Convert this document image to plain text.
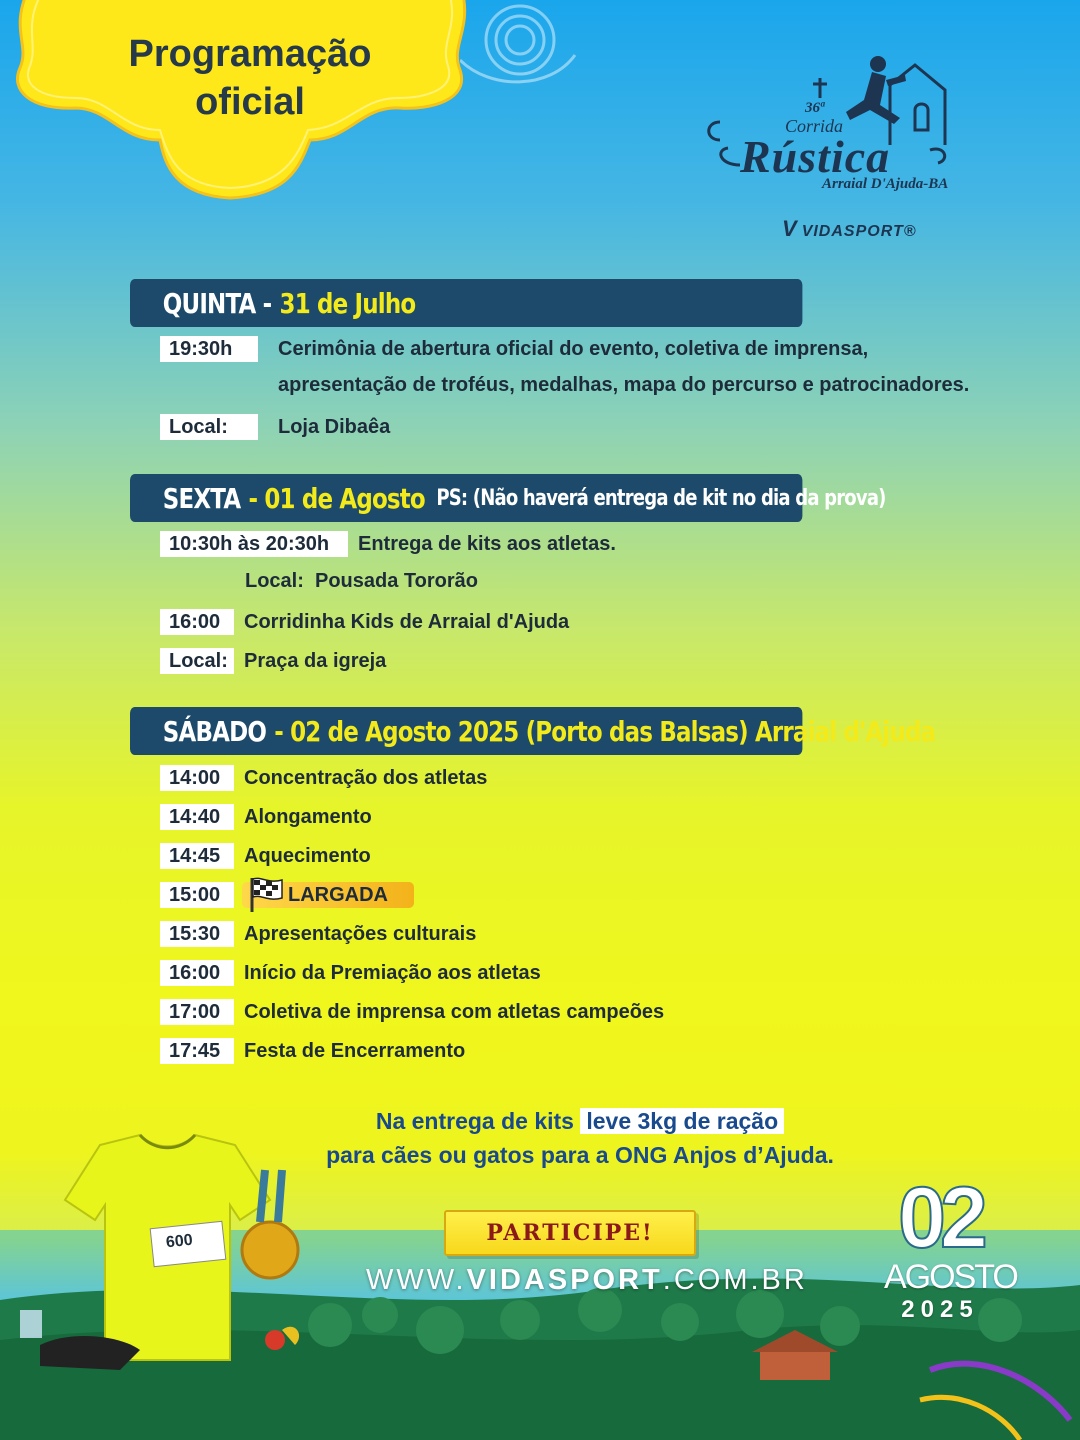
Programação
oficial	36ª
Corrida
Rústica
Arraial D'Ajuda-BA
V VIDASPORT®
QUINTA - 31 de Julho
19:30h	Cerimônia de abertura oficial do evento, coletiva de imprensa,
apresentação de troféus, medalhas, mapa do percurso e patrocinadores.
Local:	Loja Dibaêa
SEXTA - 01 de Agosto PS: (Não haverá entrega de kit no dia da prova)
10:30h às 20:30h	Entrega de kits aos atletas.
Local: Pousada Tororão
16:00	Corridinha Kids de Arraial d'Ajuda
Local: Praça da igreja
SÁBADO - 02 de Agosto 2025 (Porto das Balsas) Arraial d'Ajuda
14:00	Concentração dos atletas
14:40	Alongamento
14:45	Aquecimento
15:00	LARGADA
15:30	Apresentações culturais
16:00	Início da Premiação aos atletas
17:00	Coletiva de imprensa com atletas campeões
17:45	Festa de Encerramento
600
Na entrega de kits leve 3kg de ração
para cães ou gatos para a ONG Anjos d’Ajuda.
PARTICIPE!
WWW.VIDASPORT.COM.BR
02
AGOSTO
2025
